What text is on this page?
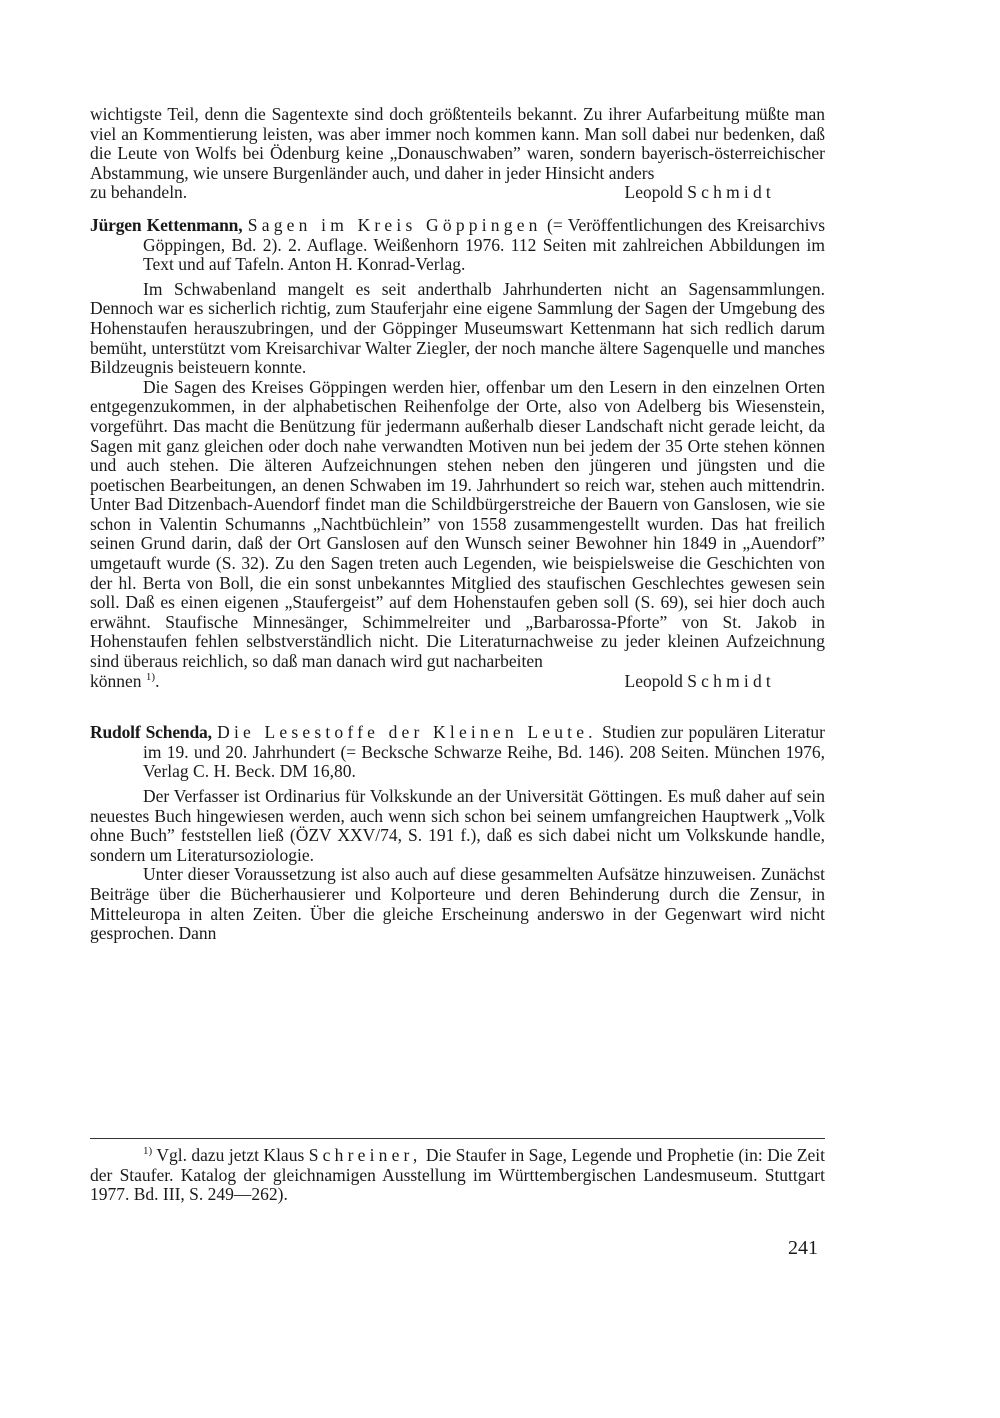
wichtigste Teil, denn die Sagentexte sind doch größtenteils bekannt. Zu ihrer Aufarbeitung müßte man viel an Kommentierung leisten, was aber immer noch kommen kann. Man soll dabei nur bedenken, daß die Leute von Wolfs bei Ödenburg keine „Donauschwaben” waren, sondern bayerisch-österreichischer Abstammung, wie unsere Burgenländer auch, und daher in jeder Hinsicht anders

zu behandeln.	Leopold Schmidt

Jürgen Kettenmann, Sagen im Kreis Göppingen (= Veröffentlichungen des Kreisarchivs Göppingen, Bd. 2). 2. Auflage. Weißenhorn 1976. 112 Seiten mit zahlreichen Abbildungen im Text und auf Tafeln. Anton H. Konrad-Verlag.

Im Schwabenland mangelt es seit anderthalb Jahrhunderten nicht an Sagensammlungen. Dennoch war es sicherlich richtig, zum Stauferjahr eine eigene Sammlung der Sagen der Umgebung des Hohenstaufen herauszubringen, und der Göppinger Museumswart Kettenmann hat sich redlich darum bemüht, unterstützt vom Kreisarchivar Walter Ziegler, der noch manche ältere Sagenquelle und manches Bildzeugnis beisteuern konnte.

Die Sagen des Kreises Göppingen werden hier, offenbar um den Lesern in den einzelnen Orten entgegenzukommen, in der alphabetischen Reihenfolge der Orte, also von Adelberg bis Wiesenstein, vorgeführt. Das macht die Benützung für jedermann außerhalb dieser Landschaft nicht gerade leicht, da Sagen mit ganz gleichen oder doch nahe verwandten Motiven nun bei jedem der 35 Orte stehen können und auch stehen. Die älteren Aufzeichnungen stehen neben den jüngeren und jüngsten und die poetischen Bearbeitungen, an denen Schwaben im 19. Jahrhundert so reich war, stehen auch mittendrin. Unter Bad Ditzenbach-Auendorf findet man die Schildbürgerstreiche der Bauern von Ganslosen, wie sie schon in Valentin Schumanns „Nachtbüchlein” von 1558 zusammengestellt wurden. Das hat freilich seinen Grund darin, daß der Ort Ganslosen auf den Wunsch seiner Bewohner hin 1849 in „Auendorf” umgetauft wurde (S. 32). Zu den Sagen treten auch Legenden, wie beispielsweise die Geschichten von der hl. Berta von Boll, die ein sonst unbekanntes Mitglied des staufischen Geschlechtes gewesen sein soll. Daß es einen eigenen „Staufergeist” auf dem Hohenstaufen geben soll (S. 69), sei hier doch auch erwähnt. Staufische Minnesänger, Schimmelreiter und „Barbarossa-Pforte” von St. Jakob in Hohenstaufen fehlen selbstverständlich nicht. Die Literaturnachweise zu jeder kleinen Aufzeichnung sind überaus reichlich, so daß man danach wird gut nacharbeiten

können $^{1)}$.	Leopold Schmidt

Rudolf Schenda, Die Lesestoffe der Kleinen Leute. Studien zur populären Literatur im 19. und 20. Jahrhundert (= Becksche Schwarze Reihe, Bd. 146). 208 Seiten. München 1976, Verlag C. H. Beck. DM 16,80.

Der Verfasser ist Ordinarius für Volkskunde an der Universität Göttingen. Es muß daher auf sein neuestes Buch hingewiesen werden, auch wenn sich schon bei seinem umfangreichen Hauptwerk „Volk ohne Buch” feststellen ließ (ÖZV XXV/74, S. 191 f.), daß es sich dabei nicht um Volkskunde handle, sondern um Literatursoziologie.

Unter dieser Voraussetzung ist also auch auf diese gesammelten Aufsätze hinzuweisen. Zunächst Beiträge über die Bücherhausierer und Kolporteure und deren Behinderung durch die Zensur, in Mitteleuropa in alten Zeiten. Über die gleiche Erscheinung anderswo in der Gegenwart wird nicht gesprochen. Dann

$^{1)}$ Vgl. dazu jetzt Klaus Schreiner, Die Staufer in Sage, Legende und Prophetie (in: Die Zeit der Staufer. Katalog der gleichnamigen Ausstellung im Württembergischen Landesmuseum. Stuttgart 1977. Bd. III, S. 249—262).

241
